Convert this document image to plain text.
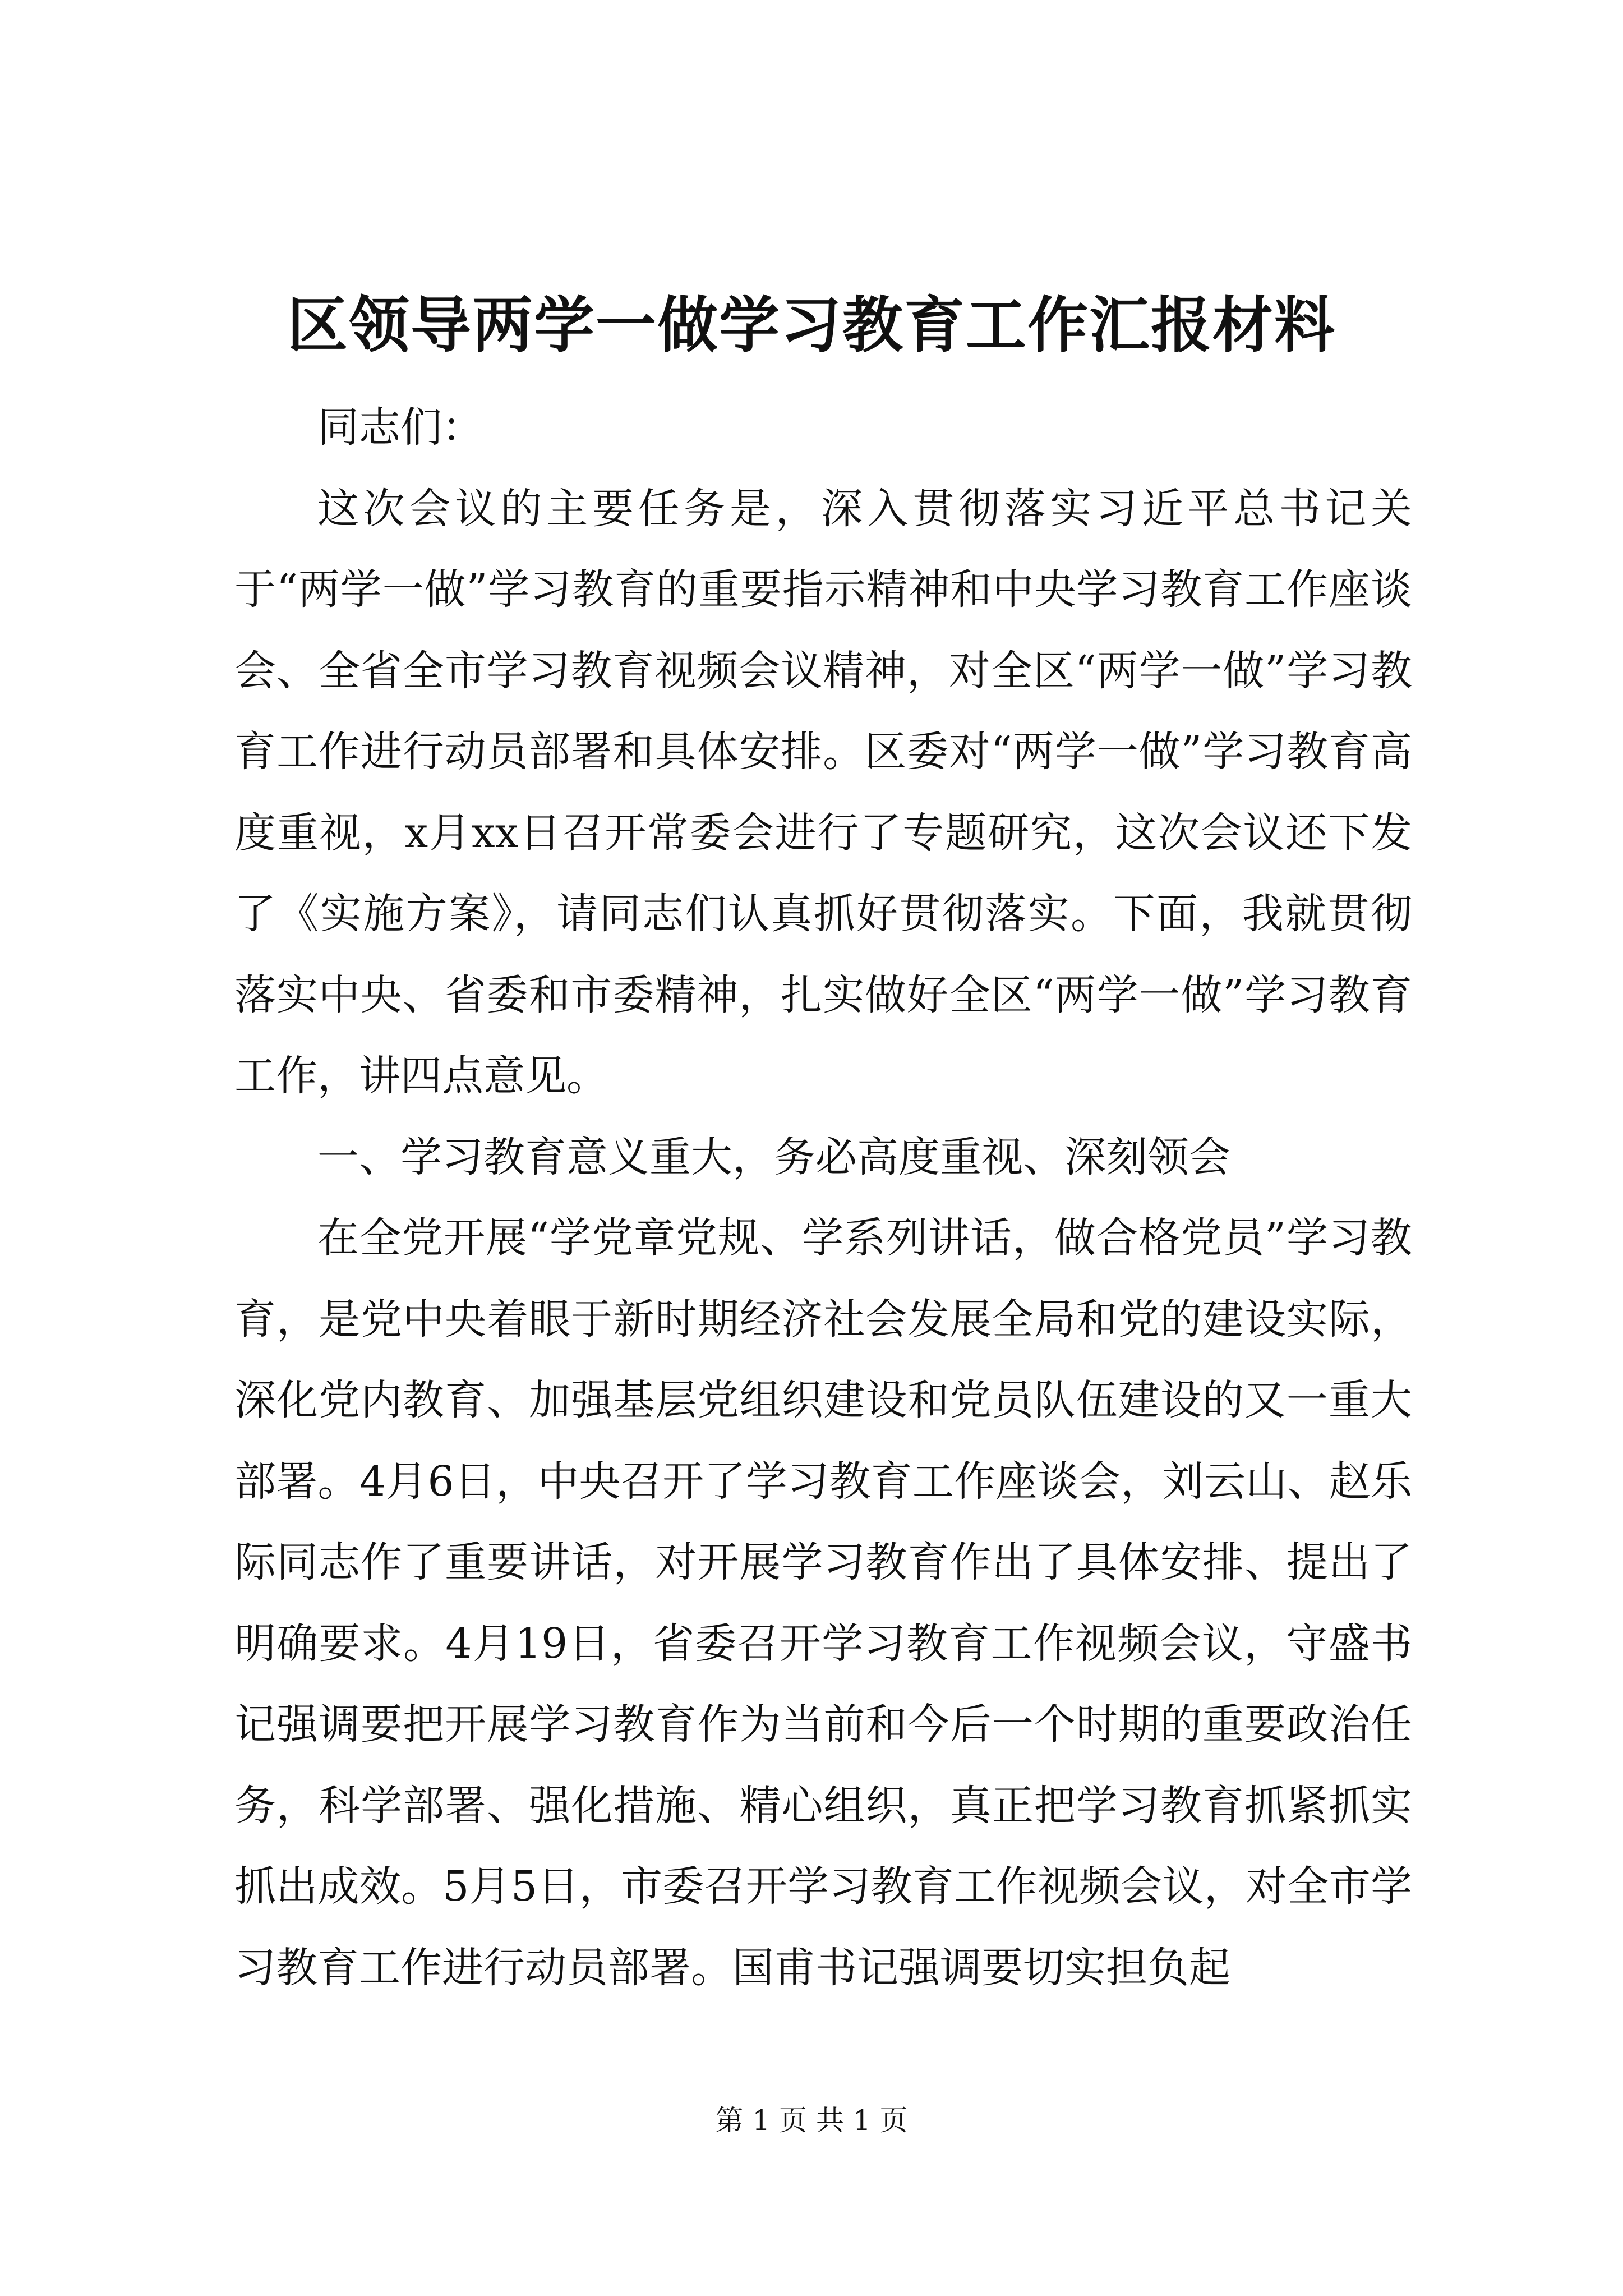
区领导两学一做学习教育工作汇报材料

同志们：

这次会议的主要任务是，深入贯彻落实习近平总书记关于“两学一做”学习教育的重要指示精神和中央学习教育工作座谈会、全省全市学习教育视频会议精神，对全区“两学一做”学习教育工作进行动员部署和具体安排。区委对“两学一做”学习教育高度重视，x月xx日召开常委会进行了专题研究，这次会议还下发了《实施方案》，请同志们认真抓好贯彻落实。下面，我就贯彻落实中央、省委和市委精神，扎实做好全区“两学一做”学习教育工作，讲四点意见。

一、学习教育意义重大，务必高度重视、深刻领会

在全党开展“学党章党规、学系列讲话，做合格党员”学习教育，是党中央着眼于新时期经济社会发展全局和党的建设实际，深化党内教育、加强基层党组织建设和党员队伍建设的又一重大部署。4月6日，中央召开了学习教育工作座谈会，刘云山、赵乐际同志作了重要讲话，对开展学习教育作出了具体安排、提出了明确要求。4月19日，省委召开学习教育工作视频会议，守盛书记强调要把开展学习教育作为当前和今后一个时期的重要政治任务，科学部署、强化措施、精心组织，真正把学习教育抓紧抓实抓出成效。5月5日，市委召开学习教育工作视频会议，对全市学习教育工作进行动员部署。国甫书记强调要切实担负起

第 1 页 共 1 页
